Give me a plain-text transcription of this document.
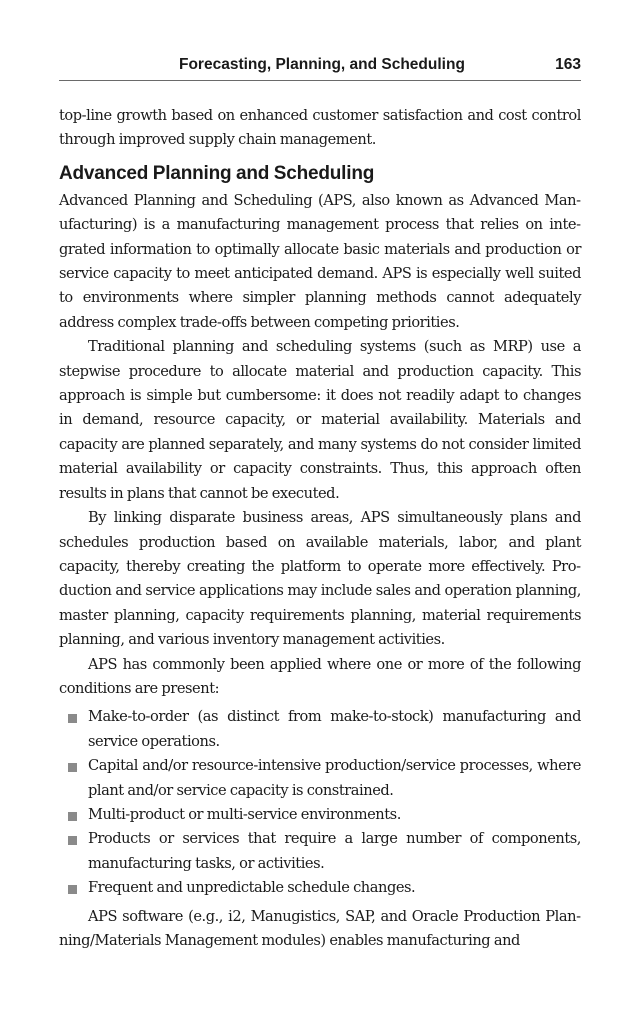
Forecasting, Planning, and Scheduling	163

top-line growth based on enhanced customer satisfaction and cost control through improved supply chain management.

Advanced Planning and Scheduling

Advanced Planning and Scheduling (APS, also known as Advanced Manufacturing) is a manufacturing management process that relies on integrated information to optimally allocate basic materials and production or service capacity to meet anticipated demand. APS is especially well suited to environments where simpler planning methods cannot adequately address complex trade-offs between competing priorities.

Traditional planning and scheduling systems (such as MRP) use a stepwise procedure to allocate material and production capacity. This approach is simple but cumbersome: it does not readily adapt to changes in demand, resource capacity, or material availability. Materials and capacity are planned separately, and many systems do not consider limited material availability or capacity constraints. Thus, this approach often results in plans that cannot be executed.

By linking disparate business areas, APS simultaneously plans and schedules production based on available materials, labor, and plant capacity, thereby creating the platform to operate more effectively. Production and service applications may include sales and operation planning, master planning, capacity requirements planning, material requirements planning, and various inventory management activities.

APS has commonly been applied where one or more of the following conditions are present:

Make-to-order (as distinct from make-to-stock) manufacturing and service operations.
Capital and/or resource-intensive production/service processes, where plant and/or service capacity is constrained.
Multi-product or multi-service environments.
Products or services that require a large number of components, manufacturing tasks, or activities.
Frequent and unpredictable schedule changes.

APS software (e.g., i2, Manugistics, SAP, and Oracle Production Planning/Materials Management modules) enables manufacturing and
